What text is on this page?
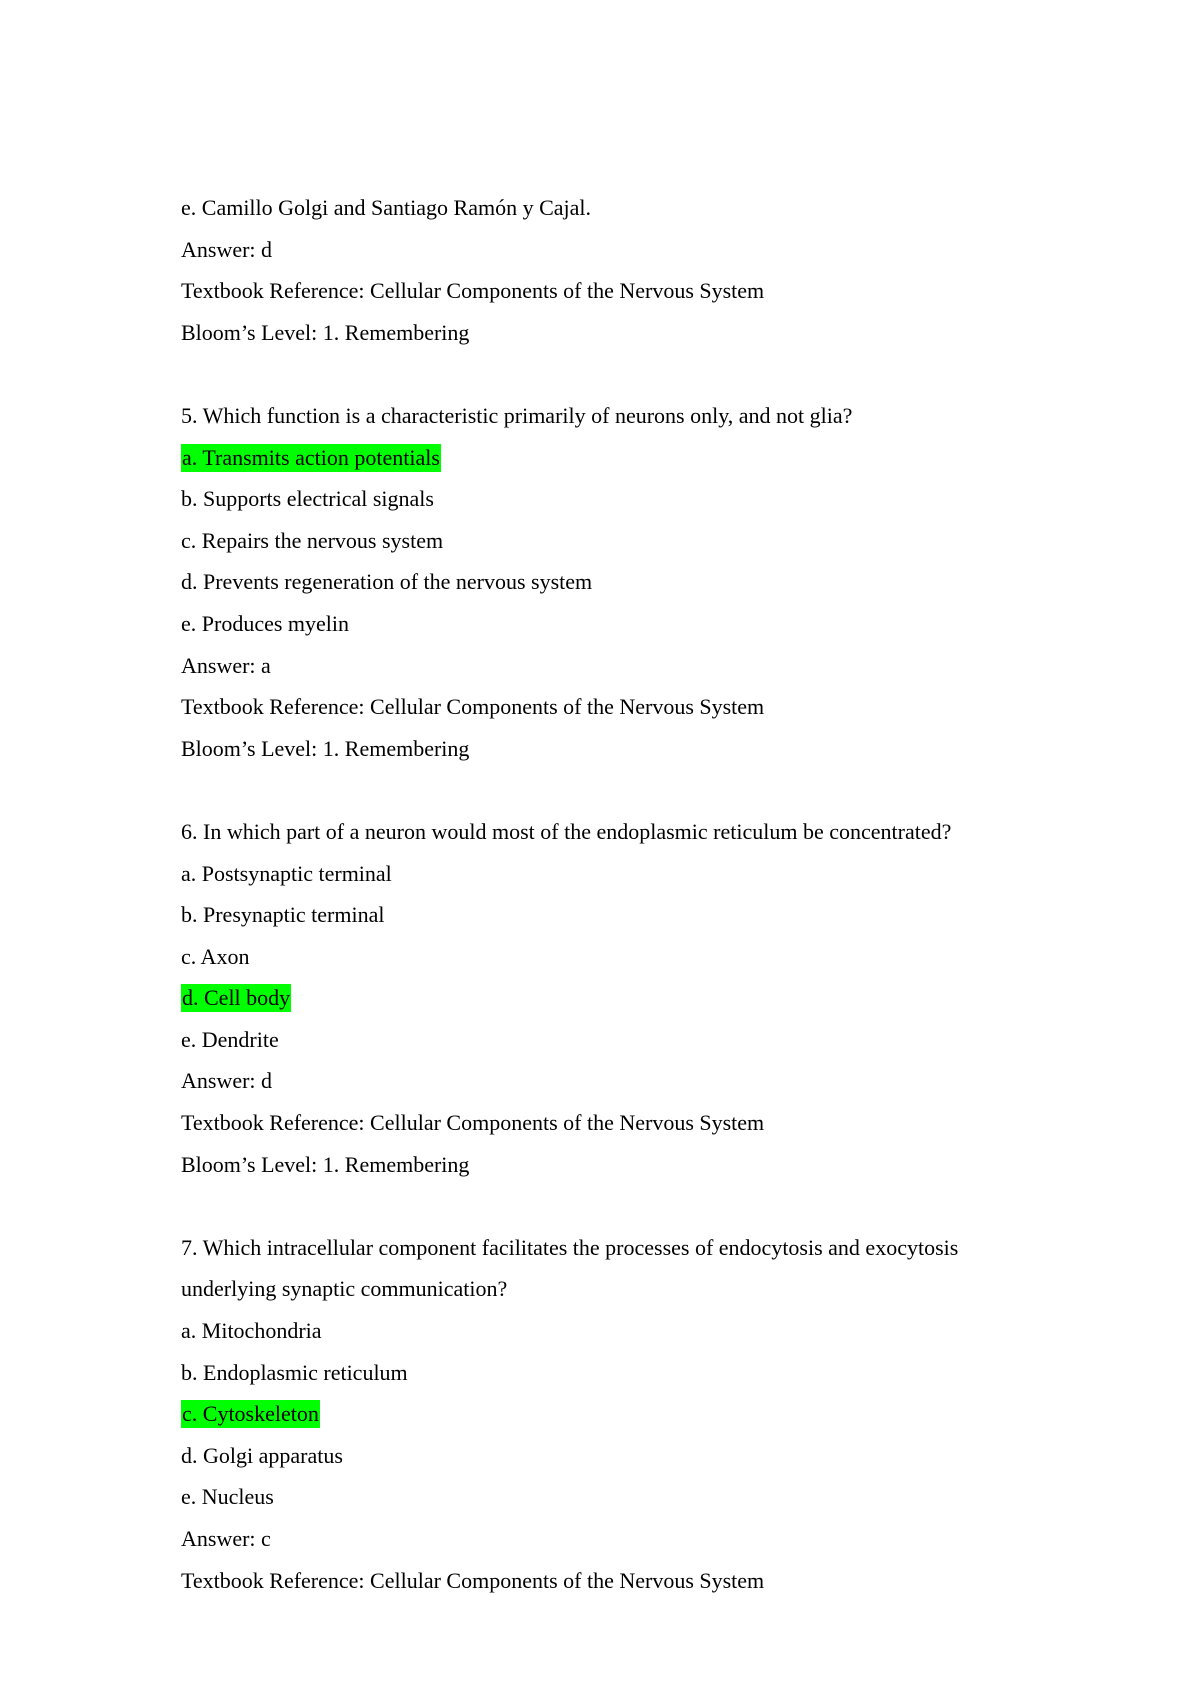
e. Camillo Golgi and Santiago Ramón y Cajal.
Answer: d
Textbook Reference: Cellular Components of the Nervous System
Bloom’s Level: 1. Remembering
5. Which function is a characteristic primarily of neurons only, and not glia?
a. Transmits action potentials
b. Supports electrical signals
c. Repairs the nervous system
d. Prevents regeneration of the nervous system
e. Produces myelin
Answer: a
Textbook Reference: Cellular Components of the Nervous System
Bloom’s Level: 1. Remembering
6. In which part of a neuron would most of the endoplasmic reticulum be concentrated?
a. Postsynaptic terminal
b. Presynaptic terminal
c. Axon
d. Cell body
e. Dendrite
Answer: d
Textbook Reference: Cellular Components of the Nervous System
Bloom’s Level: 1. Remembering
7. Which intracellular component facilitates the processes of endocytosis and exocytosis
underlying synaptic communication?
a. Mitochondria
b. Endoplasmic reticulum
c. Cytoskeleton
d. Golgi apparatus
e. Nucleus
Answer: c
Textbook Reference: Cellular Components of the Nervous System
